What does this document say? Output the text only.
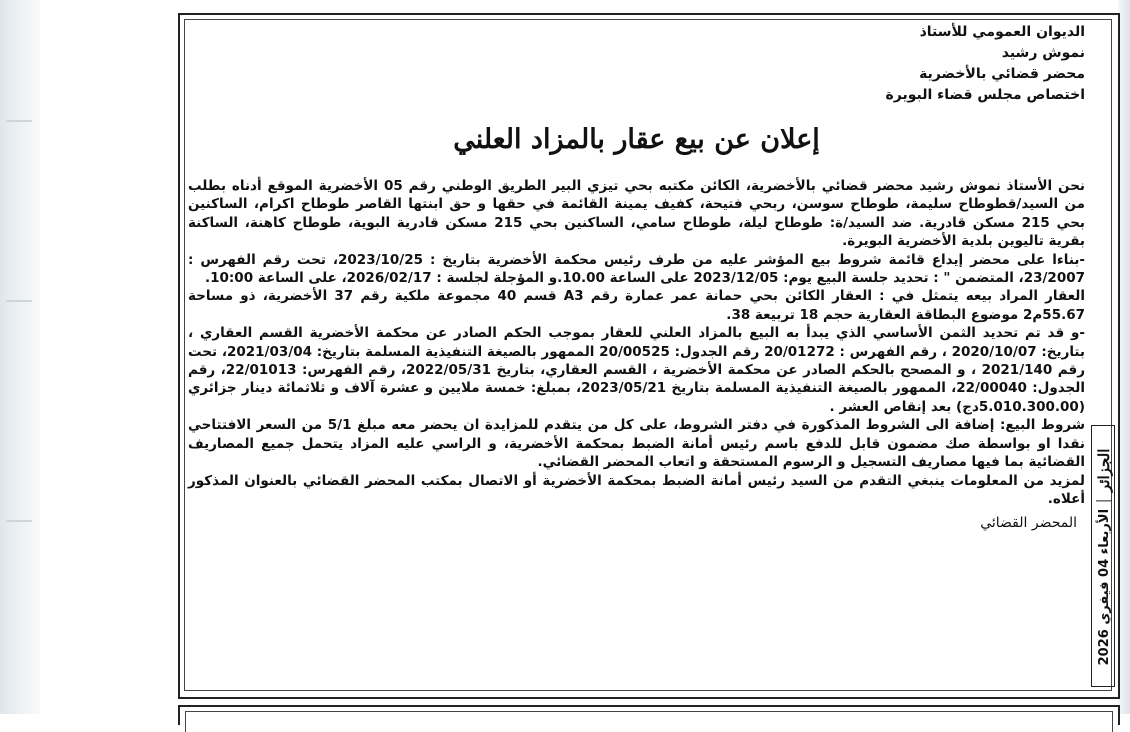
الديوان العمومي للأستاذ
نموش رشيد
محضر قضائي بالأخضرية
اختصاص مجلس قضاء البويرة
إعلان عن بيع عقار بالمزاد العلني

نحن الأستاذ نموش رشيد محضر قضائي بالأخضرية، الكائن مكتبه بحي تيزي البير الطريق الوطني رقم 05 الأخضرية الموقع أدناه بطلب من السيد/قطوطاح سليمة، طوطاح سوسن، ربحي فتيحة، كفيف يمينة القائمة في حقها و حق ابنتها القاصر طوطاح اكرام، الساكنين بحي 215 مسكن قادرية. ضد السيد/ة: طوطاح ليلة، طوطاح سامي، الساكنين بحي 215 مسكن قادرية البوية، طوطاح كاهنة، الساكنة بقرية تاليوين بلدية الأخضرية البويرة.

-بناءا على محضر إيداع قائمة شروط بيع المؤشر عليه من طرف رئيس محكمة الأخضرية بتاريخ : 2023/10/25، تحت رقم الفهرس : 23/2007، المتضمن " : تحديد جلسة البيع يوم: 2023/12/05 على الساعة 10.00.و المؤجلة لجلسة : 2026/02/17، على الساعة 10:00.

العقار المراد بيعه يتمثل في : العقار الكائن بحي حمانة عمر عمارة رقم A3 قسم 40 مجموعة ملكية رقم 37 الأخضرية، ذو مساحة 55.67م2 موضوع البطاقة العقارية حجم 18 تربيعة 38.

-و قد تم تحديد الثمن الأساسي الذي يبدأ به البيع بالمزاد العلني للعقار بموجب الحكم الصادر عن محكمة الأخضرية القسم العقاري ، بتاريخ: 2020/10/07 ، رقم الفهرس : 20/01272 رقم الجدول: 20/00525 الممهور بالصيغة التنفيذية المسلمة بتاريخ: 2021/03/04، تحت رقم 2021/140 ، و المصحح بالحكم الصادر عن محكمة الأخضرية ، القسم العقاري، بتاريخ 2022/05/31، رقم الفهرس: 22/01013، رقم الجدول: 22/00040، الممهور بالصيغة التنفيذية المسلمة بتاريخ 2023/05/21، بمبلغ: خمسة ملايين و عشرة آلاف و ثلاثمائة دينار جزائري (5.010.300.00دج) بعد إنقاص العشر .

شروط البيع: إضافة الى الشروط المذكورة في دفتر الشروط، على كل من يتقدم للمزايدة ان يحضر معه مبلغ 5/1 من السعر الافتتاحي نقدا او بواسطة صك مضمون قابل للدفع باسم رئيس أمانة الضبط بمحكمة الأخضرية، و الراسي عليه المزاد يتحمل جميع المصاريف القضائية بما فيها مصاريف التسجيل و الرسوم المستحقة و اتعاب المحضر القضائي.

لمزيد من المعلومات ينبغي التقدم من السيد رئيس أمانة الضبط بمحكمة الأخضرية أو الاتصال بمكتب المحضر القضائي بالعنوان المذكور أعلاه.

المحضر القضائي
الأربعاء 04 فيفري 2026
الجزائر
